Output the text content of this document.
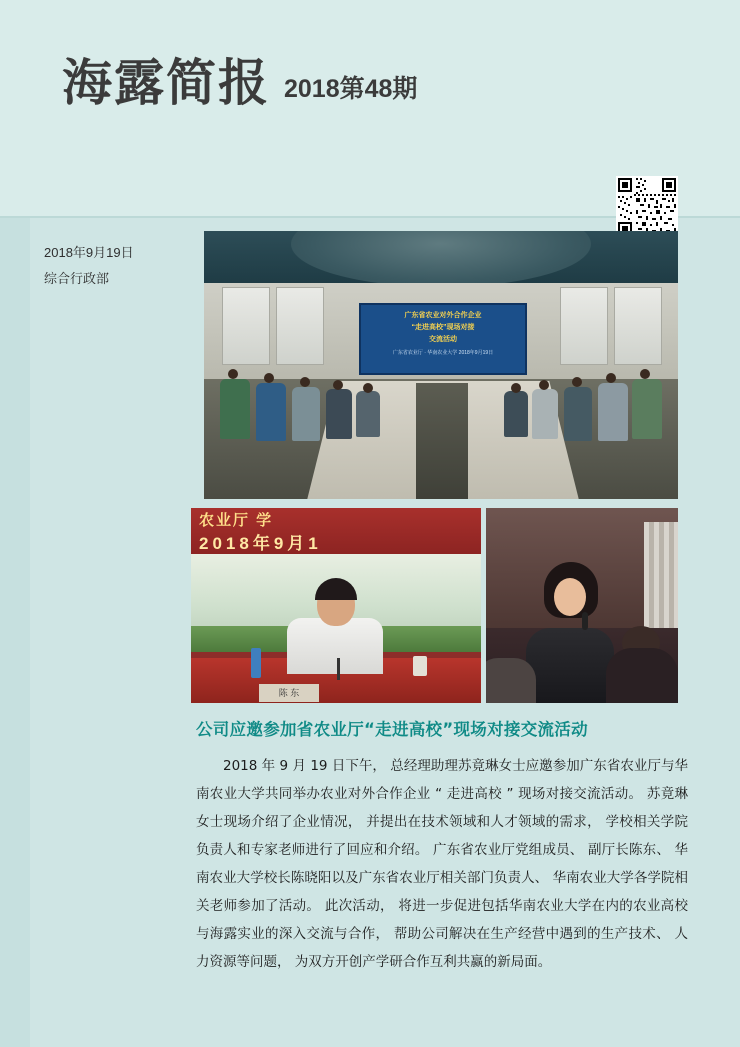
海露简报 2018第48期
2018年9月19日
综合行政部
广东省农业对外合作企业
“走进高校”现场对接
交流活动
广东省农业厅 · 华南农业大学 2018年9月19日
农业厅 学
2018年9月1
陈 东
公司应邀参加省农业厅“走进高校”现场对接交流活动
2018 年 9 月 19 日下午， 总经理助理苏竟琳女士应邀参加广东省农业厅与华南农业大学共同举办农业对外合作企业 “ 走进高校 ” 现场对接交流活动。 苏竟琳女士现场介绍了企业情况， 并提出在技术领域和人才领域的需求， 学校相关学院负责人和专家老师进行了回应和介绍。 广东省农业厅党组成员、 副厅长陈东、 华南农业大学校长陈晓阳以及广东省农业厅相关部门负责人、 华南农业大学各学院相关老师参加了活动。 此次活动， 将进一步促进包括华南农业大学在内的农业高校与海露实业的深入交流与合作， 帮助公司解决在生产经营中遇到的生产技术、 人力资源等问题， 为双方开创产学研合作互利共赢的新局面。
